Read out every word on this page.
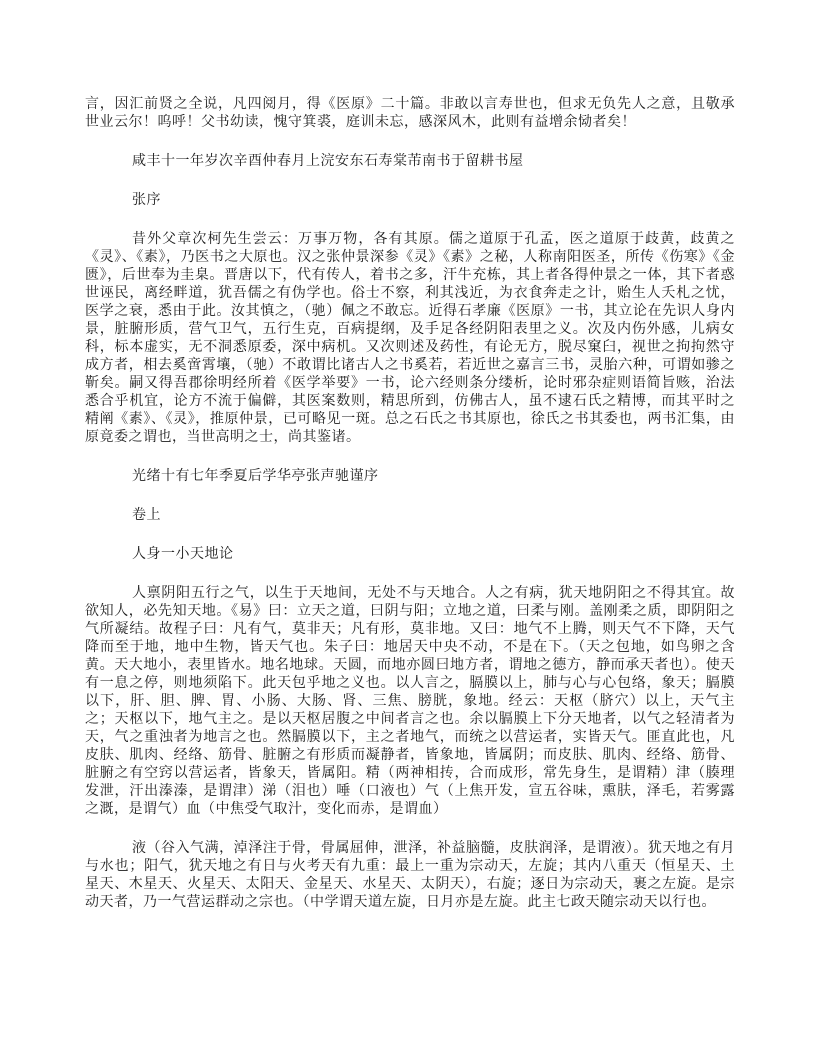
言，因汇前贤之全说，凡四阅月，得《医原》二十篇。非敢以言寿世也，但求无负先人之意，且敬承世业云尔！呜呼！父书幼读，愧守箕裘，庭训未忘，感深风木，此则有益增余恸者矣！

咸丰十一年岁次辛酉仲春月上浣安东石寿棠芾南书于留耕书屋

张序

昔外父章次柯先生尝云：万事万物，各有其原。儒之道原于孔孟，医之道原于歧黄，歧黄之《灵》、《素》，乃医书之大原也。汉之张仲景深参《灵》《素》之秘，人称南阳医圣，所传《伤寒》《金匮》，后世奉为圭臬。晋唐以下，代有传人，着书之多，汗牛充栋，其上者各得仲景之一体，其下者惑世诬民，离经畔道，犹吾儒之有伪学也。俗士不察，利其浅近，为衣食奔走之计，贻生人夭札之忧，医学之衰，悉由于此。汝其慎之，（驰）佩之不敢忘。近得石孝廉《医原》一书，其立论在先识人身内景，脏腑形质，营气卫气，五行生克，百病提纲，及手足各经阴阳表里之义。次及内伤外感，儿病女科，标本虚实，无不洞悉原委，深中病机。又次则述及药性，有论无方，脱尽窠臼，视世之拘拘然守成方者，相去奚啻霄壤，（驰）不敢谓比诸古人之书奚若，若近世之嘉言三书，灵胎六种，可谓如骖之靳矣。嗣又得吾郡徐明经所着《医学举要》一书，论六经则条分缕析，论时邪杂症则语简旨赅，治法悉合乎机宜，论方不流于偏僻，其医案数则，精思所到，仿佛古人，虽不逮石氏之精博，而其平时之精阐《素》、《灵》，推原仲景，已可略见一斑。总之石氏之书其原也，徐氏之书其委也，两书汇集，由原竟委之谓也，当世高明之士，尚其鉴诸。

光绪十有七年季夏后学华亭张声驰谨序

卷上

人身一小天地论

人禀阴阳五行之气，以生于天地间，无处不与天地合。人之有病，犹天地阴阳之不得其宜。故欲知人，必先知天地。《易》曰：立天之道，曰阴与阳；立地之道，曰柔与刚。盖刚柔之质，即阴阳之气所凝结。故程子曰：凡有气，莫非天；凡有形，莫非地。又曰：地气不上腾，则天气不下降，天气降而至于地，地中生物，皆天气也。朱子曰：地居天中央不动，不是在下。（天之包地，如鸟卵之含黄。天大地小，表里皆水。地名地球。天圆，而地亦圆曰地方者，谓地之德方，静而承天者也）。使天有一息之停，则地须陷下。此天包乎地之义也。以人言之，膈膜以上，肺与心与心包络，象天；膈膜以下，肝、胆、脾、胃、小肠、大肠、肾、三焦、膀胱，象地。经云：天枢（脐穴）以上，天气主之；天枢以下，地气主之。是以天枢居腹之中间者言之也。余以膈膜上下分天地者，以气之轻清者为天，气之重浊者为地言之也。然膈膜以下，主之者地气，而统之以营运者，实皆天气。匪直此也，凡皮肤、肌肉、经络、筋骨、脏腑之有形质而凝静者，皆象地，皆属阴；而皮肤、肌肉、经络、筋骨、脏腑之有空窍以营运者，皆象天，皆属阳。精（两神相抟，合而成形，常先身生，是谓精）津（腠理发泄，汗出溱溱，是谓津）涕（泪也）唾（口液也）气（上焦开发，宣五谷味，熏肤，泽毛，若雾露之溉，是谓气）血（中焦受气取汁，变化而赤，是谓血）

液（谷入气满，淖泽注于骨，骨属屈伸，泄泽，补益脑髓，皮肤润泽，是谓液）。犹天地之有月与水也；阳气，犹天地之有日与火考天有九重：最上一重为宗动天，左旋；其内八重天（恒星天、土星天、木星天、火星天、太阳天、金星天、水星天、太阴天），右旋；逐日为宗动天，裹之左旋。是宗动天者，乃一气营运群动之宗也。（中学谓天道左旋，日月亦是左旋。此主七政天随宗动天以行也。
